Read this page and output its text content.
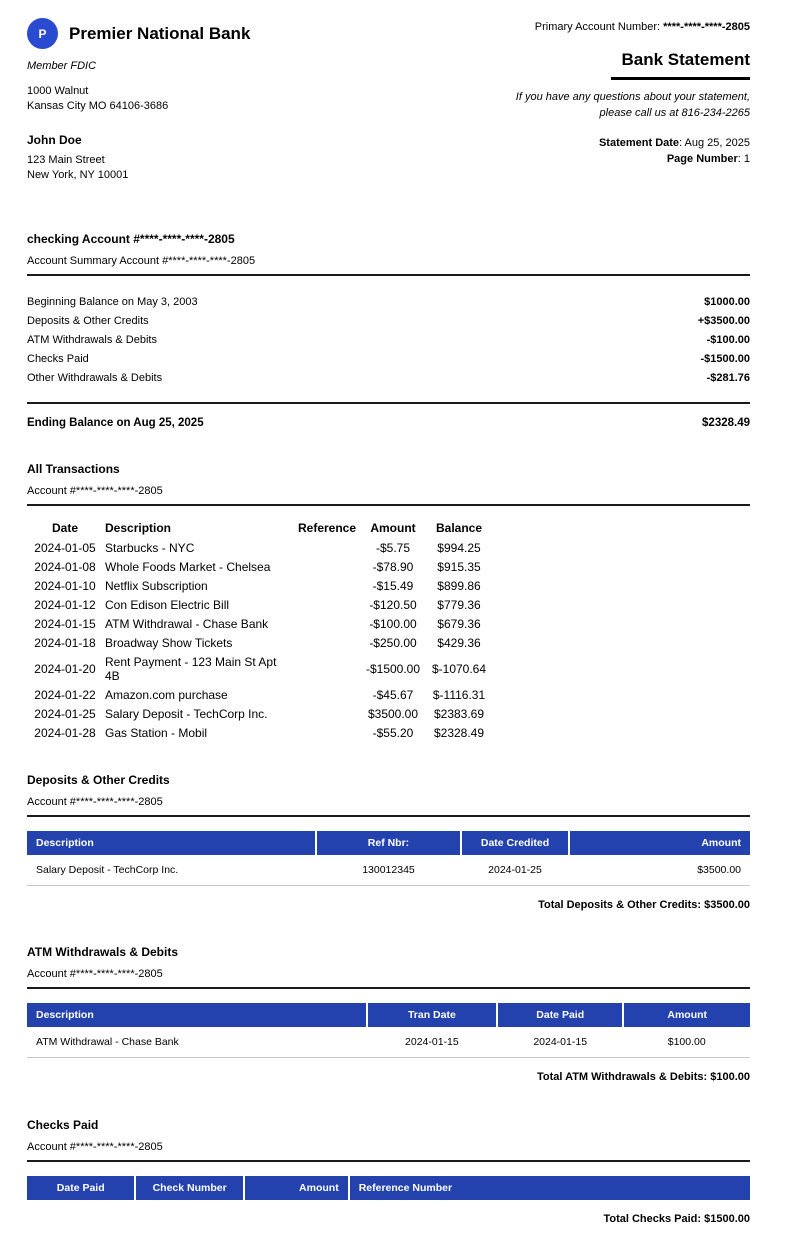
P	Premier National Bank
Member FDIC
1000 Walnut
Kansas City MO 64106-3686
John Doe
123 Main Street
New York, NY 10001
Primary Account Number: ****-****-****-2805
Bank Statement
If you have any questions about your statement,
please call us at 816-234-2265
Statement Date: Aug 25, 2025
Page Number: 1
checking Account #****-****-****-2805
Account Summary Account #****-****-****-2805
Beginning Balance on May 3, 2003	$1000.00
Deposits & Other Credits	+$3500.00
ATM Withdrawals & Debits	-$100.00
Checks Paid	-$1500.00
Other Withdrawals & Debits	-$281.76
Ending Balance on Aug 25, 2025	$2328.49
All Transactions
Account #****-****-****-2805
Date	Description	Reference	Amount	Balance
2024-01-05	Starbucks - NYC		-$5.75	$994.25
2024-01-08	Whole Foods Market - Chelsea		-$78.90	$915.35
2024-01-10	Netflix Subscription		-$15.49	$899.86
2024-01-12	Con Edison Electric Bill		-$120.50	$779.36
2024-01-15	ATM Withdrawal - Chase Bank		-$100.00	$679.36
2024-01-18	Broadway Show Tickets		-$250.00	$429.36
2024-01-20	Rent Payment - 123 Main St Apt 4B		-$1500.00	$-1070.64
2024-01-22	Amazon.com purchase		-$45.67	$-1116.31
2024-01-25	Salary Deposit - TechCorp Inc.		$3500.00	$2383.69
2024-01-28	Gas Station - Mobil		-$55.20	$2328.49
Deposits & Other Credits
Account #****-****-****-2805
Description	Ref Nbr:	Date Credited	Amount
Salary Deposit - TechCorp Inc.	130012345	2024-01-25	$3500.00
Total Deposits & Other Credits: $3500.00
ATM Withdrawals & Debits
Account #****-****-****-2805
Description	Tran Date	Date Paid	Amount
ATM Withdrawal - Chase Bank	2024-01-15	2024-01-15	$100.00
Total ATM Withdrawals & Debits: $100.00
Checks Paid
Account #****-****-****-2805
Date Paid	Check Number	Amount	Reference Number
Total Checks Paid: $1500.00
